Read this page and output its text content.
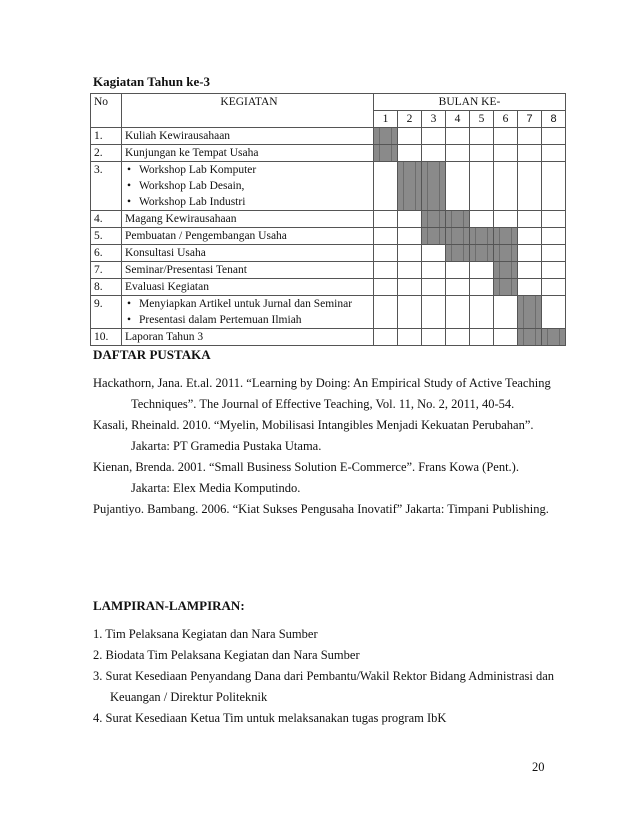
Kagiatan Tahun ke-3
No	KEGIATAN	BULAN KE-							
		1	2	3	4	5	6	7	8
1.	Kuliah Kewirausahaan								

2.	Kunjungan ke Tempat Usaha								

3.	• Workshop Lab Komputer
• Workshop Lab Desain,
• Workshop Lab Industri

4.	Magang Kewirausahaan								

5.	Pembuatan / Pengembangan Usaha								

6.	Konsultasi Usaha								

7.	Seminar/Presentasi Tenant								

8.	Evaluasi Kegiatan								

9.	• Menyiapkan Artikel untuk Jurnal dan Seminar
• Presentasi dalam Pertemuan Ilmiah

10.	Laporan Tahun 3								

DAFTAR PUSTAKA

Hackathorn, Jana. Et.al. 2011. “Learning by Doing: An Empirical Study of Active Teaching Techniques”. The Journal of Effective Teaching, Vol. 11, No. 2, 2011, 40-54.

Kasali, Rheinald. 2010. “Myelin, Mobilisasi Intangibles Menjadi Kekuatan Perubahan”. Jakarta: PT Gramedia Pustaka Utama.

Kienan, Brenda. 2001. “Small Business Solution E-Commerce”. Frans Kowa (Pent.). Jakarta: Elex Media Komputindo.

Pujantiyo. Bambang. 2006. “Kiat Sukses Pengusaha Inovatif” Jakarta: Timpani Publishing.

LAMPIRAN-LAMPIRAN:
1. Tim Pelaksana Kegiatan dan Nara Sumber
2. Biodata Tim Pelaksana Kegiatan dan Nara Sumber
3. Surat Kesediaan Penyandang Dana dari Pembantu/Wakil Rektor Bidang Administrasi dan Keuangan / Direktur Politeknik
4. Surat Kesediaan Ketua Tim untuk melaksanakan tugas program IbK
20
